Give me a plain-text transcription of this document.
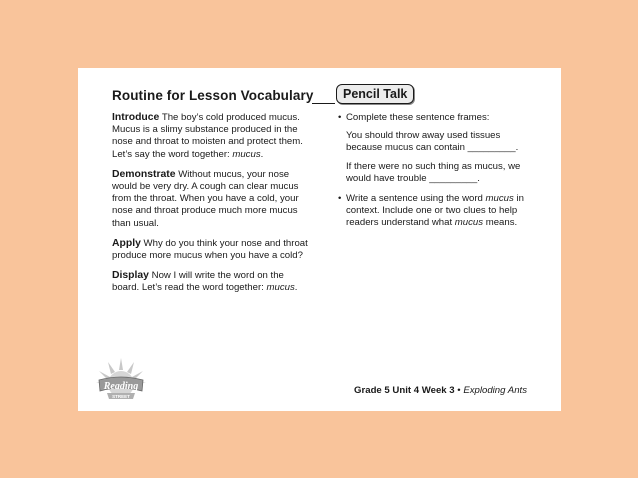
Routine for Lesson Vocabulary

Introduce The boy’s cold produced mucus. Mucus is a slimy substance produced in the nose and throat to moisten and protect them. Let’s say the word together: mucus.

Demonstrate Without mucus, your nose would be very dry. A cough can clear mucus from the throat. When you have a cold, your nose and throat produce much more mucus than usual.

Apply Why do you think your nose and throat produce more mucus when you have a cold?

Display Now I will write the word on the board. Let’s read the word together: mucus.

Pencil Talk
• Complete these sentence frames:
You should throw away used tissues because mucus can contain _________.
If there were no such thing as mucus, we would have trouble _________.
• Write a sentence using the word mucus in context. Include one or two clues to help readers understand what mucus means.
Reading
STREET
Grade 5 Unit 4 Week 3 • Exploding Ants
